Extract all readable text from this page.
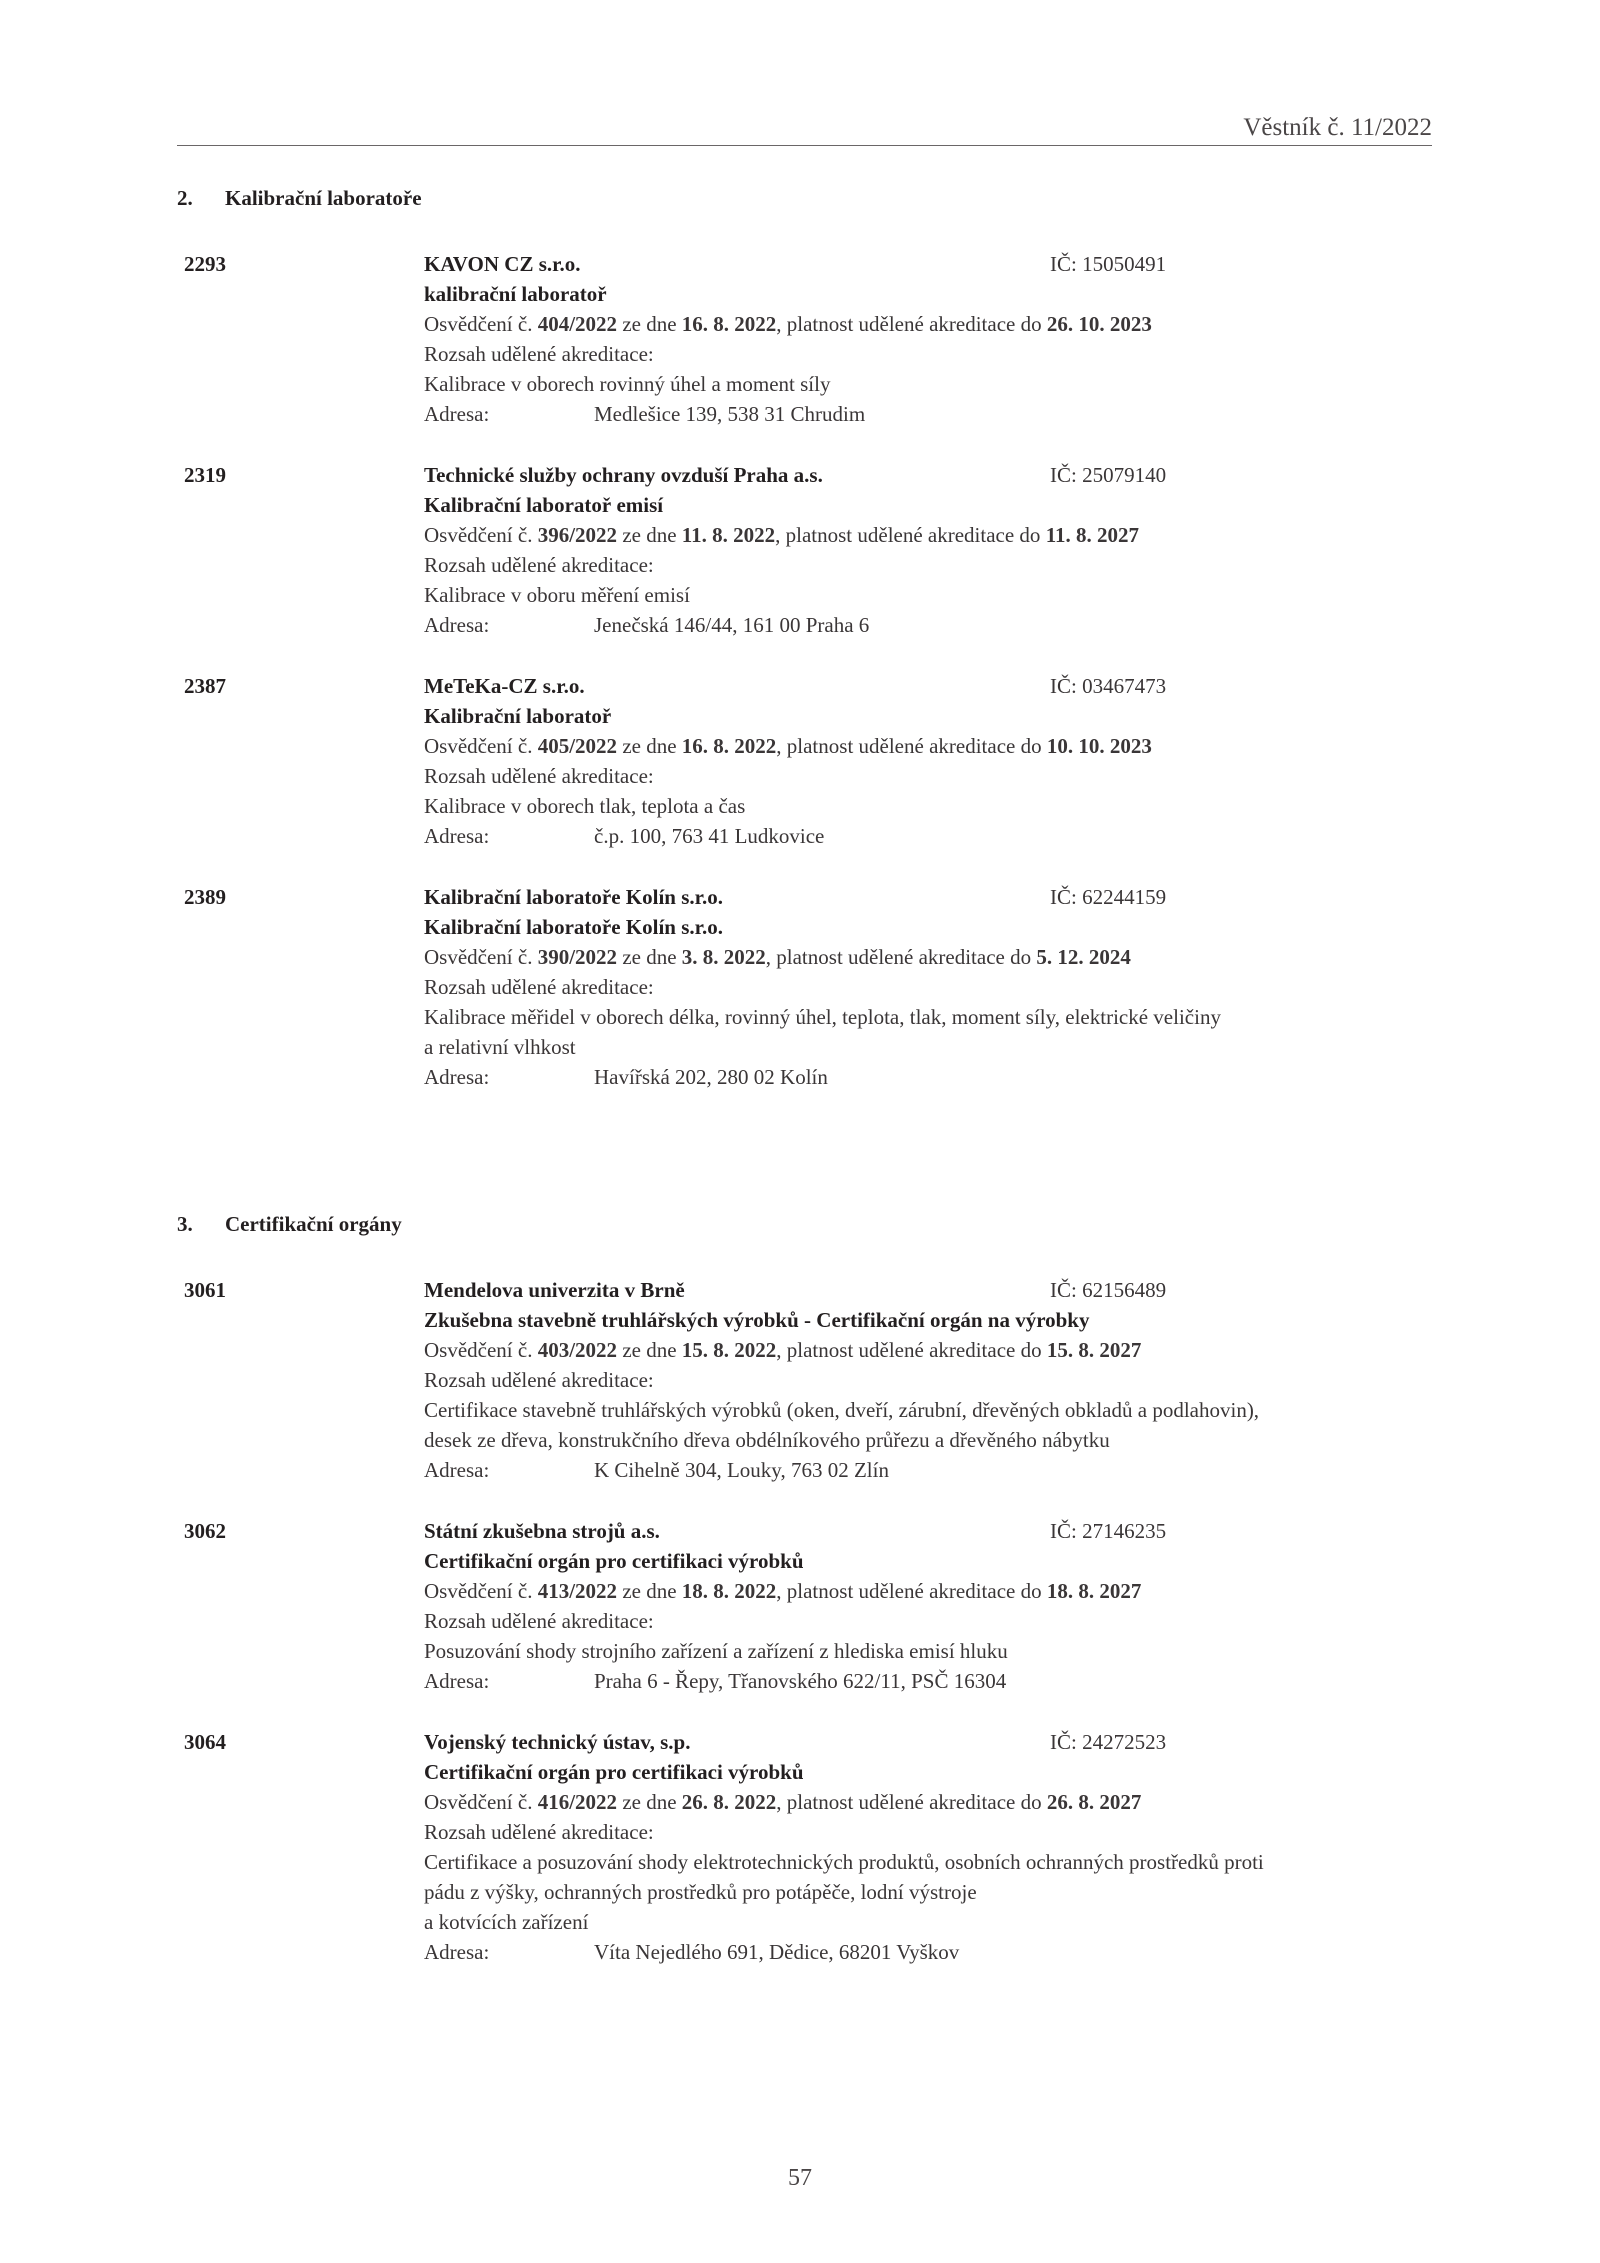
Věstník č. 11/2022
2. Kalibrační laboratoře
2293	KAVON CZ s.r.o.	IČ: 15050491
kalibrační laboratoř
Osvědčení č. 404/2022 ze dne 16. 8. 2022, platnost udělené akreditace do 26. 10. 2023
Rozsah udělené akreditace:
Kalibrace v oborech rovinný úhel a moment síly
Adresa:	Medlešice 139, 538 31 Chrudim
2319	Technické služby ochrany ovzduší Praha a.s.	IČ: 25079140
Kalibrační laboratoř emisí
Osvědčení č. 396/2022 ze dne 11. 8. 2022, platnost udělené akreditace do 11. 8. 2027
Rozsah udělené akreditace:
Kalibrace v oboru měření emisí
Adresa:	Jenečská 146/44, 161 00 Praha 6
2387	MeTeKa-CZ s.r.o.	IČ: 03467473
Kalibrační laboratoř
Osvědčení č. 405/2022 ze dne 16. 8. 2022, platnost udělené akreditace do 10. 10. 2023
Rozsah udělené akreditace:
Kalibrace v oborech tlak, teplota a čas
Adresa:	č.p. 100, 763 41 Ludkovice
2389	Kalibrační laboratoře Kolín s.r.o.	IČ: 62244159
Kalibrační laboratoře Kolín s.r.o.
Osvědčení č. 390/2022 ze dne 3. 8. 2022, platnost udělené akreditace do 5. 12. 2024
Rozsah udělené akreditace:
Kalibrace měřidel v oborech délka, rovinný úhel, teplota, tlak, moment síly, elektrické veličiny
a relativní vlhkost
Adresa:	Havířská 202, 280 02 Kolín
3. Certifikační orgány
3061	Mendelova univerzita v Brně	IČ: 62156489
Zkušebna stavebně truhlářských výrobků - Certifikační orgán na výrobky
Osvědčení č. 403/2022 ze dne 15. 8. 2022, platnost udělené akreditace do 15. 8. 2027
Rozsah udělené akreditace:
Certifikace stavebně truhlářských výrobků (oken, dveří, zárubní, dřevěných obkladů a podlahovin),
desek ze dřeva, konstrukčního dřeva obdélníkového průřezu a dřevěného nábytku
Adresa:	K Cihelně 304, Louky, 763 02 Zlín
3062	Státní zkušebna strojů a.s.	IČ: 27146235
Certifikační orgán pro certifikaci výrobků
Osvědčení č. 413/2022 ze dne 18. 8. 2022, platnost udělené akreditace do 18. 8. 2027
Rozsah udělené akreditace:
Posuzování shody strojního zařízení a zařízení z hlediska emisí hluku
Adresa:	Praha 6 - Řepy, Třanovského 622/11, PSČ 16304
3064	Vojenský technický ústav, s.p.	IČ: 24272523
Certifikační orgán pro certifikaci výrobků
Osvědčení č. 416/2022 ze dne 26. 8. 2022, platnost udělené akreditace do 26. 8. 2027
Rozsah udělené akreditace:
Certifikace a posuzování shody elektrotechnických produktů, osobních ochranných prostředků proti
pádu z výšky, ochranných prostředků pro potápěče, lodní výstroje
a kotvících zařízení
Adresa:	Víta Nejedlého 691, Dědice, 68201 Vyškov
57
